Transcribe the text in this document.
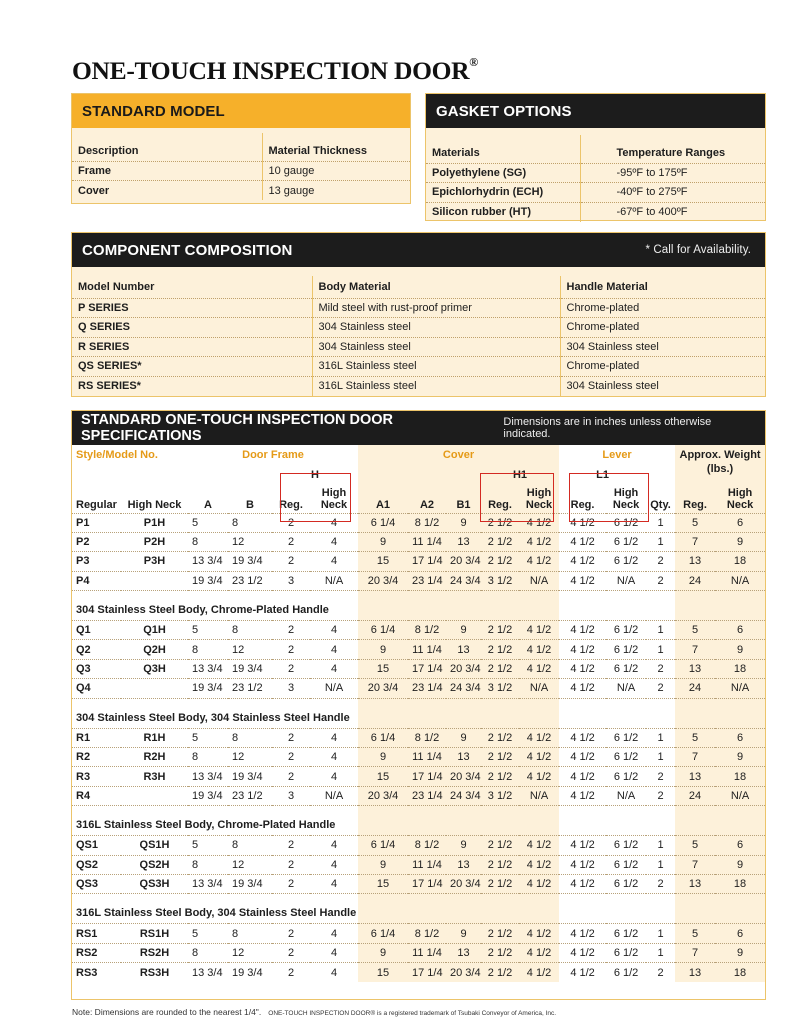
ONE-TOUCH INSPECTION DOOR®
STANDARD MODEL
Description	Material Thickness
Frame	10 gauge
Cover	13 gauge
GASKET OPTIONS
Materials	Temperature Ranges
Polyethylene (SG)	-95ºF to 175ºF
Epichlorhydrin (ECH)	-40ºF to 275ºF
Silicon rubber (HT)	-67ºF to 400ºF
COMPONENT COMPOSITION	* Call for Availability.
Model Number	Body Material	Handle Material
P SERIES	Mild steel with rust-proof primer	Chrome-plated
Q SERIES	304 Stainless steel	Chrome-plated
R SERIES	304 Stainless steel	304 Stainless steel
QS SERIES*	316L Stainless steel	Chrome-plated
RS SERIES*	316L Stainless steel	304 Stainless steel
STANDARD ONE-TOUCH INSPECTION DOOR SPECIFICATIONS
Dimensions are in inches unless otherwise indicated.
Style/Model No.		Door Frame				Cover					Lever			Approx. Weight (lbs.)	
				H					H1		L1				
Regular	High Neck	A	B	Reg.	High Neck	A1	A2	B1	Reg.	High Neck	Reg.	High Neck	Qty.	Reg.	High Neck
P1	P1H	5	8	2	4	6 1/4	8 1/2	9	2 1/2	4 1/2	4 1/2	6 1/2	1	5	6
P2	P2H	8	12	2	4	9	11 1/4	13	2 1/2	4 1/2	4 1/2	6 1/2	1	7	9
P3	P3H	13 3/4	19 3/4	2	4	15	17 1/4	20 3/4	2 1/2	4 1/2	4 1/2	6 1/2	2	13	18
P4		19 3/4	23 1/2	3	N/A	20 3/4	23 1/4	24 3/4	3 1/2	N/A	4 1/2	N/A	2	24	N/A
304 Stainless Steel Body, Chrome-Plated Handle															
Q1	Q1H	5	8	2	4	6 1/4	8 1/2	9	2 1/2	4 1/2	4 1/2	6 1/2	1	5	6
Q2	Q2H	8	12	2	4	9	11 1/4	13	2 1/2	4 1/2	4 1/2	6 1/2	1	7	9
Q3	Q3H	13 3/4	19 3/4	2	4	15	17 1/4	20 3/4	2 1/2	4 1/2	4 1/2	6 1/2	2	13	18
Q4		19 3/4	23 1/2	3	N/A	20 3/4	23 1/4	24 3/4	3 1/2	N/A	4 1/2	N/A	2	24	N/A
304 Stainless Steel Body, 304 Stainless Steel Handle															
R1	R1H	5	8	2	4	6 1/4	8 1/2	9	2 1/2	4 1/2	4 1/2	6 1/2	1	5	6
R2	R2H	8	12	2	4	9	11 1/4	13	2 1/2	4 1/2	4 1/2	6 1/2	1	7	9
R3	R3H	13 3/4	19 3/4	2	4	15	17 1/4	20 3/4	2 1/2	4 1/2	4 1/2	6 1/2	2	13	18
R4		19 3/4	23 1/2	3	N/A	20 3/4	23 1/4	24 3/4	3 1/2	N/A	4 1/2	N/A	2	24	N/A
316L Stainless Steel Body, Chrome-Plated Handle															
QS1	QS1H	5	8	2	4	6 1/4	8 1/2	9	2 1/2	4 1/2	4 1/2	6 1/2	1	5	6
QS2	QS2H	8	12	2	4	9	11 1/4	13	2 1/2	4 1/2	4 1/2	6 1/2	1	7	9
QS3	QS3H	13 3/4	19 3/4	2	4	15	17 1/4	20 3/4	2 1/2	4 1/2	4 1/2	6 1/2	2	13	18
316L Stainless Steel Body, 304 Stainless Steel Handle															
RS1	RS1H	5	8	2	4	6 1/4	8 1/2	9	2 1/2	4 1/2	4 1/2	6 1/2	1	5	6
RS2	RS2H	8	12	2	4	9	11 1/4	13	2 1/2	4 1/2	4 1/2	6 1/2	1	7	9
RS3	RS3H	13 3/4	19 3/4	2	4	15	17 1/4	20 3/4	2 1/2	4 1/2	4 1/2	6 1/2	2	13	18
Note: Dimensions are rounded to the nearest 1/4". ONE-TOUCH INSPECTION DOOR® is a registered trademark of Tsubaki Conveyor of America, Inc.
